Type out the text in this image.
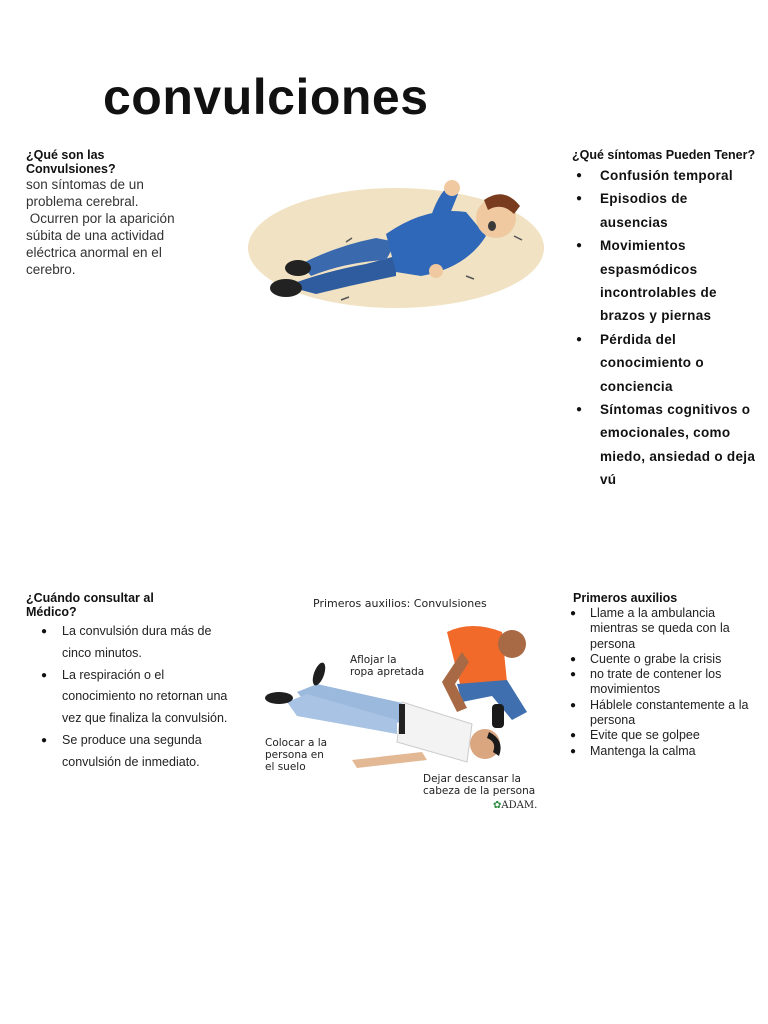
convulciones

¿Qué son las Convulsiones?

son síntomas de un
problema cerebral.
Ocurren por la aparición
súbita de una actividad
eléctrica anormal en el
cerebro.

¿Qué síntomas Pueden Tener?

● Confusión temporal
● Episodios de ausencias
● Movimientos espasmódicos incontrolables de brazos y piernas
● Pérdida del conocimiento o conciencia
● Síntomas cognitivos o emocionales, como miedo, ansiedad o deja vú

¿Cuándo consultar al Médico?

● La convulsión dura más de cinco minutos.
● La respiración o el conocimiento no retornan una vez que finaliza la convulsión.
● Se produce una segunda convulsión de inmediato.
Primeros auxilios: Convulsiones
Aflojar la
ropa apretada
Colocar a la
persona en
el suelo
Dejar descansar la
cabeza de la persona
✿ADAM.

Primeros auxilios

● Llame a la ambulancia mientras se queda con la persona
● Cuente o grabe la crisis
● no trate de contener los movimientos
● Háblele constantemente a la persona
● Evite que se golpee
● Mantenga la calma
